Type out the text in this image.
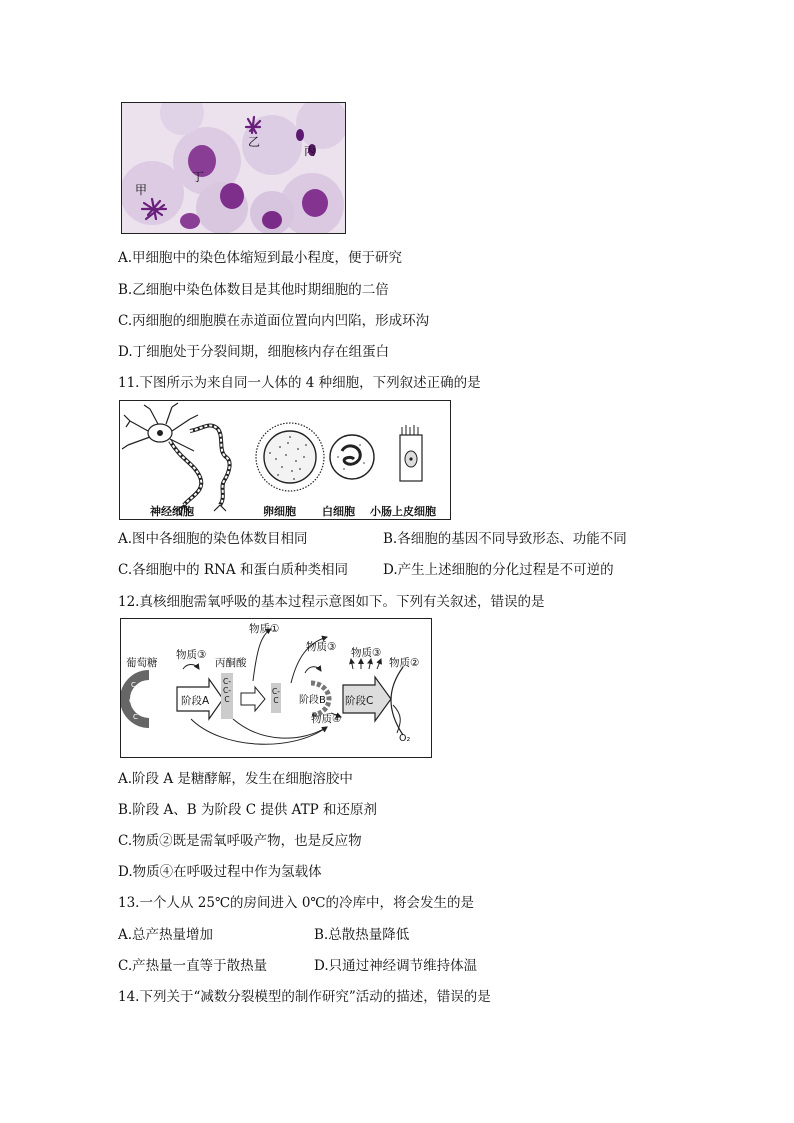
乙
丙
丁
甲
A.甲细胞中的染色体缩短到最小程度，便于研究
B.乙细胞中染色体数目是其他时期细胞的二倍
C.丙细胞的细胞膜在赤道面位置向内凹陷，形成环沟
D.丁细胞处于分裂间期，细胞核内存在组蛋白
11.下图所示为来自同一人体的 4 种细胞，下列叙述正确的是
神经细胞	卵细胞 白细胞 小肠上皮细胞
A.图中各细胞的染色体数目相同	B.各细胞的基因不同导致形态、功能不同
C.各细胞中的 RNA 和蛋白质种类相同	D.产生上述细胞的分化过程是不可逆的
12.真核细胞需氧呼吸的基本过程示意图如下。下列有关叙述，错误的是
C
C
C
葡萄糖
物质③
丙酮酸
物质①
物质③ 物质③
物质②
阶段A
C-C-C
C-C 阶段B 阶段C
物质④
O₂
A.阶段 A 是糖酵解，发生在细胞溶胶中
B.阶段 A、B 为阶段 C 提供 ATP 和还原剂
C.物质②既是需氧呼吸产物，也是反应物
D.物质④在呼吸过程中作为氢载体
13.一个人从 25℃的房间进入 0℃的冷库中，将会发生的是
A.总产热量增加	B.总散热量降低
C.产热量一直等于散热量	D.只通过神经调节维持体温
14.下列关于“减数分裂模型的制作研究”活动的描述，错误的是
